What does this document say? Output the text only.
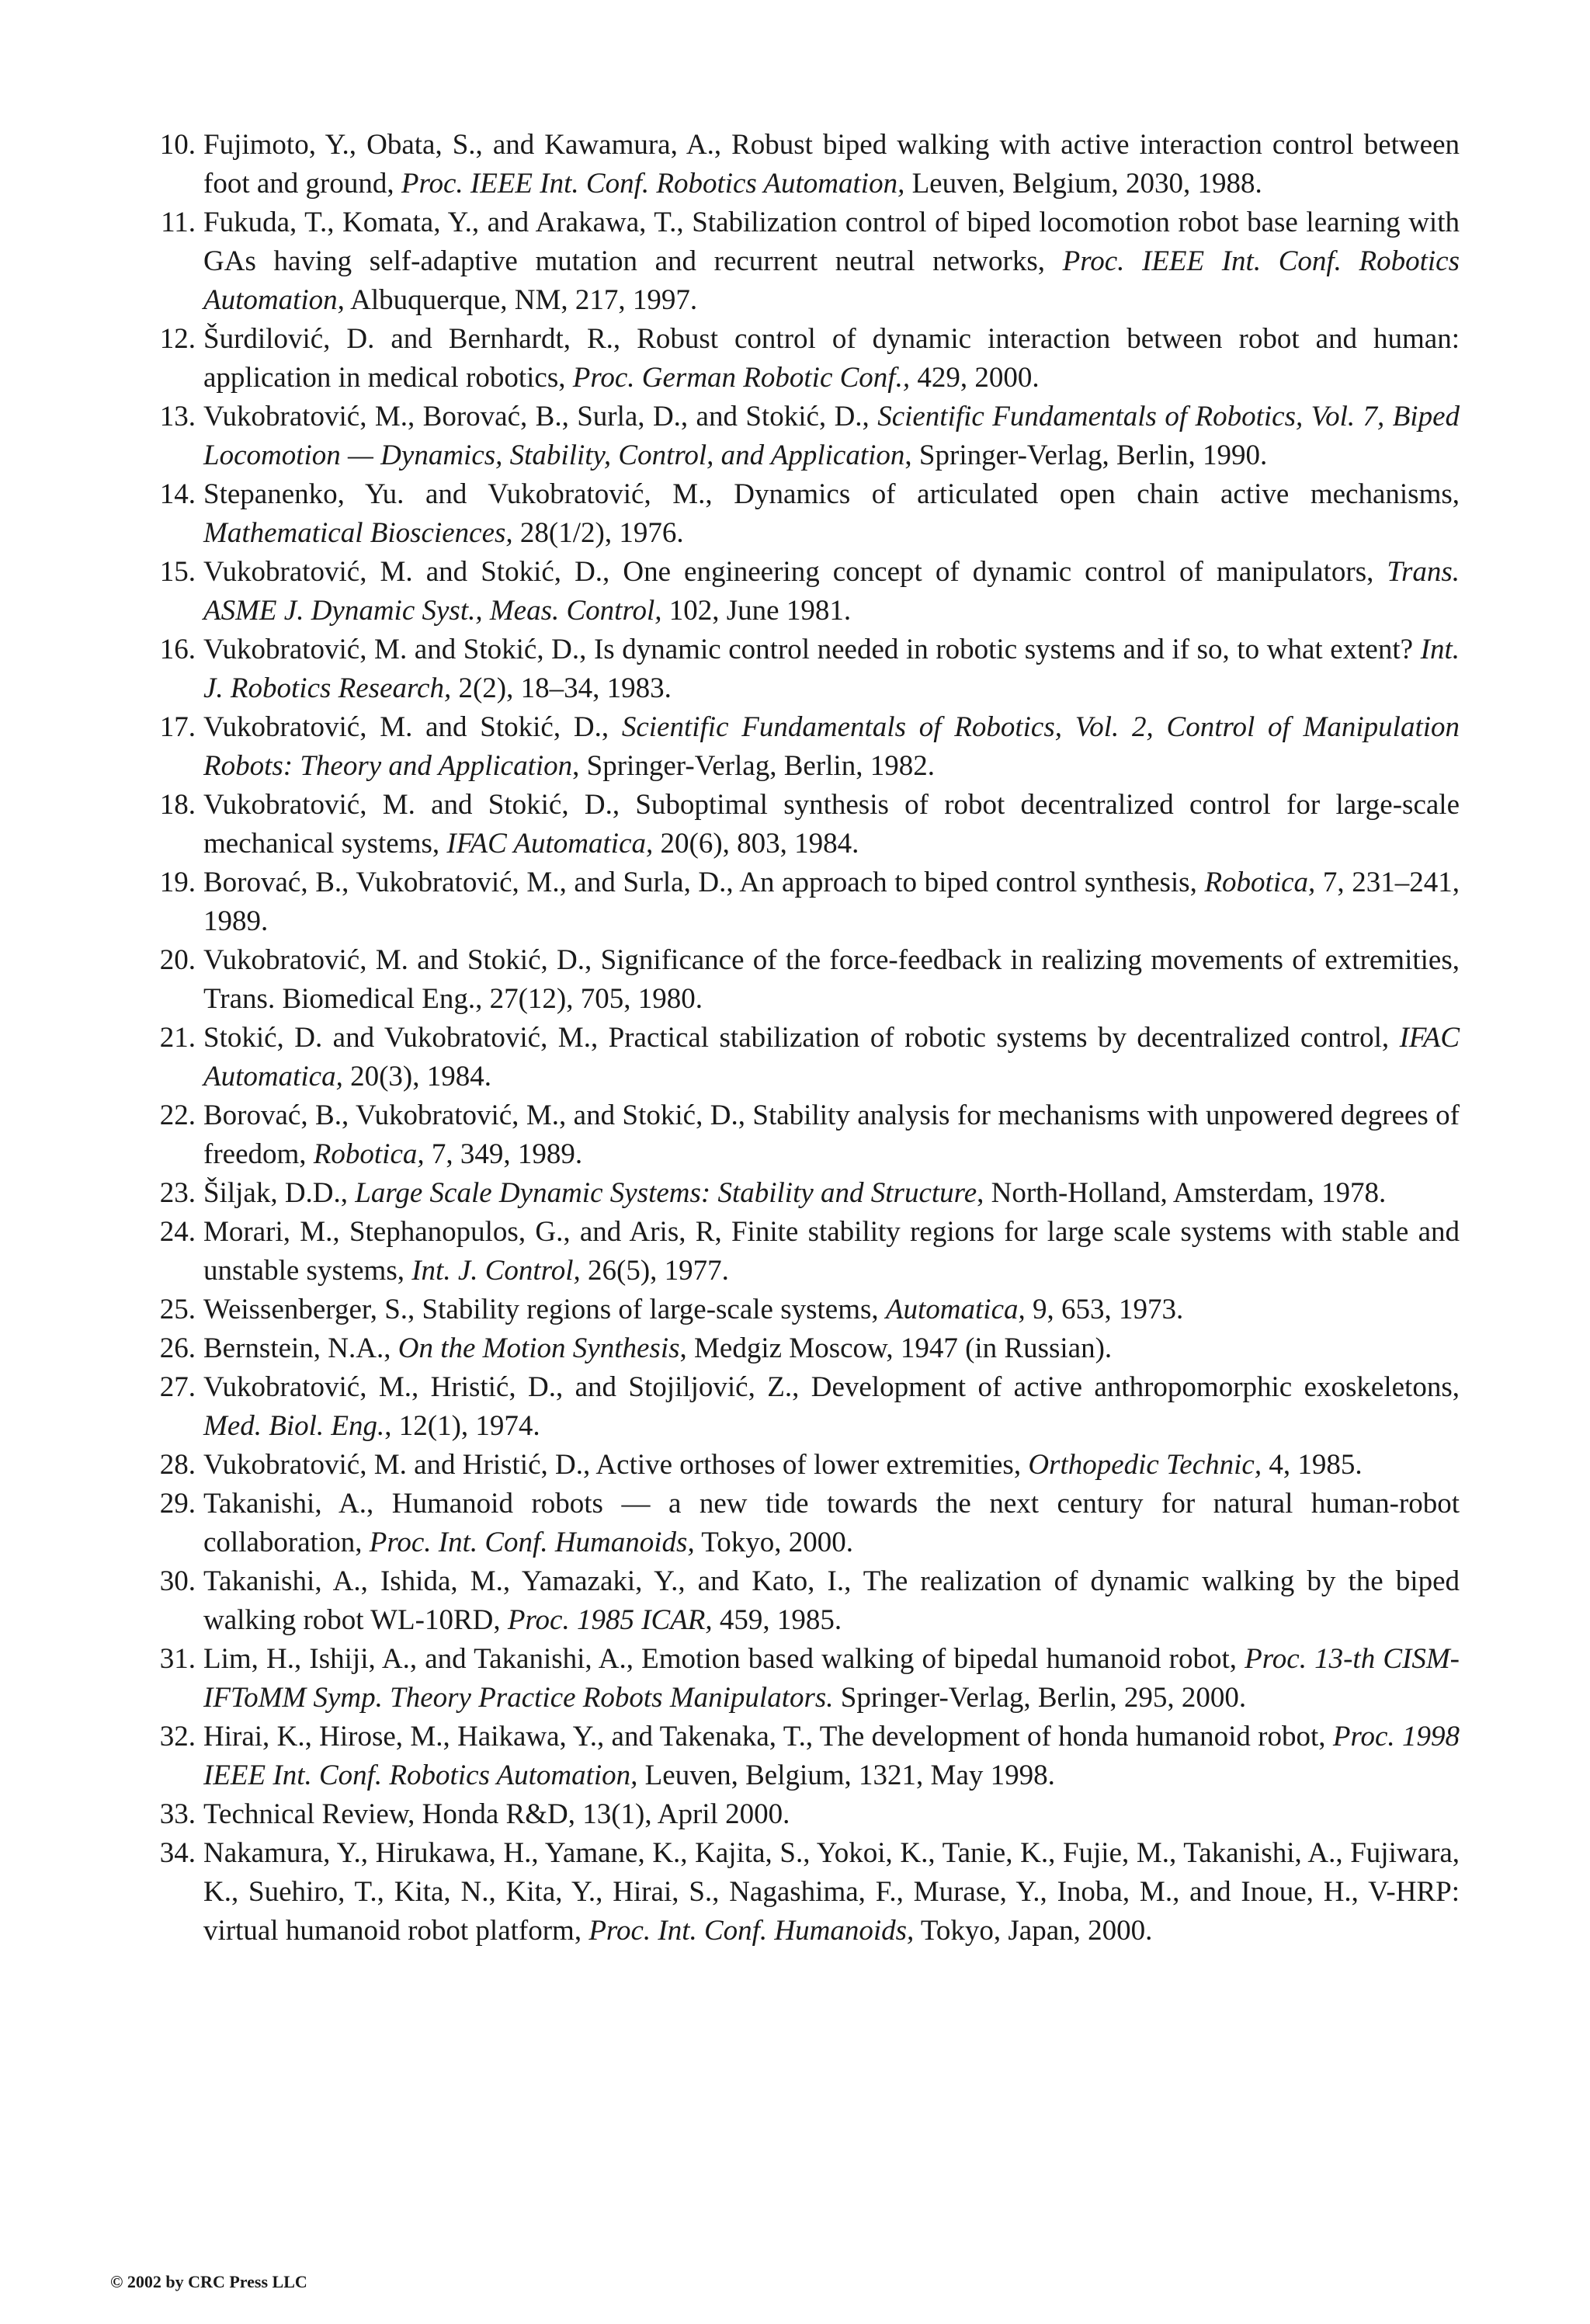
10. Fujimoto, Y., Obata, S., and Kawamura, A., Robust biped walking with active interaction control between foot and ground, Proc. IEEE Int. Conf. Robotics Automation, Leuven, Belgium, 2030, 1988.
11. Fukuda, T., Komata, Y., and Arakawa, T., Stabilization control of biped locomotion robot base learning with GAs having self-adaptive mutation and recurrent neutral networks, Proc. IEEE Int. Conf. Robotics Automation, Albuquerque, NM, 217, 1997.
12. Šurdilović, D. and Bernhardt, R., Robust control of dynamic interaction between robot and human: application in medical robotics, Proc. German Robotic Conf., 429, 2000.
13. Vukobratović, M., Borovać, B., Surla, D., and Stokić, D., Scientific Fundamentals of Robotics, Vol. 7, Biped Locomotion — Dynamics, Stability, Control, and Application, Springer-Verlag, Berlin, 1990.
14. Stepanenko, Yu. and Vukobratović, M., Dynamics of articulated open chain active mechanisms, Mathematical Biosciences, 28(1/2), 1976.
15. Vukobratović, M. and Stokić, D., One engineering concept of dynamic control of manipulators, Trans. ASME J. Dynamic Syst., Meas. Control, 102, June 1981.
16. Vukobratović, M. and Stokić, D., Is dynamic control needed in robotic systems and if so, to what extent? Int. J. Robotics Research, 2(2), 18–34, 1983.
17. Vukobratović, M. and Stokić, D., Scientific Fundamentals of Robotics, Vol. 2, Control of Manipulation Robots: Theory and Application, Springer-Verlag, Berlin, 1982.
18. Vukobratović, M. and Stokić, D., Suboptimal synthesis of robot decentralized control for large-scale mechanical systems, IFAC Automatica, 20(6), 803, 1984.
19. Borovać, B., Vukobratović, M., and Surla, D., An approach to biped control synthesis, Robotica, 7, 231–241, 1989.
20. Vukobratović, M. and Stokić, D., Significance of the force-feedback in realizing movements of extremities, Trans. Biomedical Eng., 27(12), 705, 1980.
21. Stokić, D. and Vukobratović, M., Practical stabilization of robotic systems by decentralized control, IFAC Automatica, 20(3), 1984.
22. Borovać, B., Vukobratović, M., and Stokić, D., Stability analysis for mechanisms with unpowered degrees of freedom, Robotica, 7, 349, 1989.
23. Šiljak, D.D., Large Scale Dynamic Systems: Stability and Structure, North-Holland, Amsterdam, 1978.
24. Morari, M., Stephanopulos, G., and Aris, R, Finite stability regions for large scale systems with stable and unstable systems, Int. J. Control, 26(5), 1977.
25. Weissenberger, S., Stability regions of large-scale systems, Automatica, 9, 653, 1973.
26. Bernstein, N.A., On the Motion Synthesis, Medgiz Moscow, 1947 (in Russian).
27. Vukobratović, M., Hristić, D., and Stojiljović, Z., Development of active anthropomorphic exoskeletons, Med. Biol. Eng., 12(1), 1974.
28. Vukobratović, M. and Hristić, D., Active orthoses of lower extremities, Orthopedic Technic, 4, 1985.
29. Takanishi, A., Humanoid robots — a new tide towards the next century for natural human-robot collaboration, Proc. Int. Conf. Humanoids, Tokyo, 2000.
30. Takanishi, A., Ishida, M., Yamazaki, Y., and Kato, I., The realization of dynamic walking by the biped walking robot WL-10RD, Proc. 1985 ICAR, 459, 1985.
31. Lim, H., Ishiji, A., and Takanishi, A., Emotion based walking of bipedal humanoid robot, Proc. 13-th CISM-IFToMM Symp. Theory Practice Robots Manipulators. Springer-Verlag, Berlin, 295, 2000.
32. Hirai, K., Hirose, M., Haikawa, Y., and Takenaka, T., The development of honda humanoid robot, Proc. 1998 IEEE Int. Conf. Robotics Automation, Leuven, Belgium, 1321, May 1998.
33. Technical Review, Honda R&D, 13(1), April 2000.
34. Nakamura, Y., Hirukawa, H., Yamane, K., Kajita, S., Yokoi, K., Tanie, K., Fujie, M., Takanishi, A., Fujiwara, K., Suehiro, T., Kita, N., Kita, Y., Hirai, S., Nagashima, F., Murase, Y., Inoba, M., and Inoue, H., V-HRP: virtual humanoid robot platform, Proc. Int. Conf. Humanoids, Tokyo, Japan, 2000.
© 2002 by CRC Press LLC
